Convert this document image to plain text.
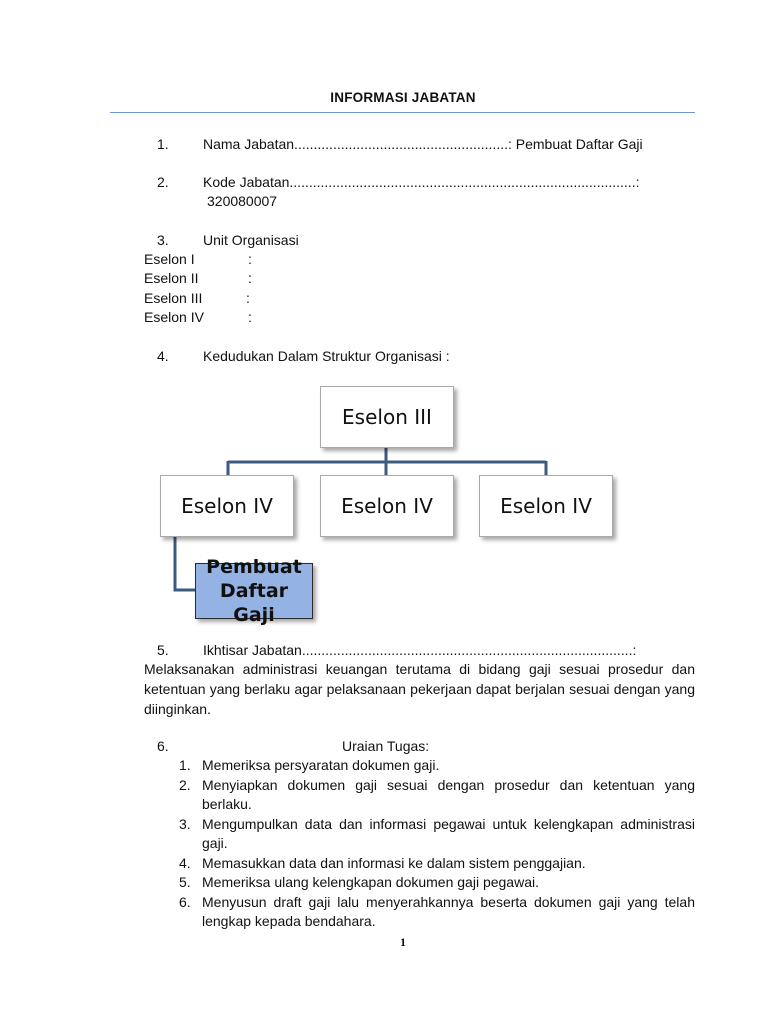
INFORMASI JABATAN
1.	Nama Jabatan.......................................................: Pembuat Daftar Gaji
2.	Kode Jabatan.........................................................................................:
320080007
3.	Unit Organisasi
Eselon I	:
Eselon II	:
Eselon III	:
Eselon IV	:
4.	Kedudukan Dalam Struktur Organisasi :
Eselon III
Eselon IV	Eselon IV	Eselon IV
Pembuat
Daftar Gaji
5.	Ikhtisar Jabatan.....................................................................................:
Melaksanakan administrasi keuangan terutama di bidang gaji sesuai prosedur dan ketentuan yang berlaku agar pelaksanaan pekerjaan dapat berjalan sesuai dengan yang diinginkan.
6.	Uraian Tugas:
1. Memeriksa persyaratan dokumen gaji.
2. Menyiapkan dokumen gaji sesuai dengan prosedur dan ketentuan yang berlaku.
3. Mengumpulkan data dan informasi pegawai untuk kelengkapan administrasi gaji.
4. Memasukkan data dan informasi ke dalam sistem penggajian.
5. Memeriksa ulang kelengkapan dokumen gaji pegawai.
6. Menyusun draft gaji lalu menyerahkannya beserta dokumen gaji yang telah lengkap kepada bendahara.
1
